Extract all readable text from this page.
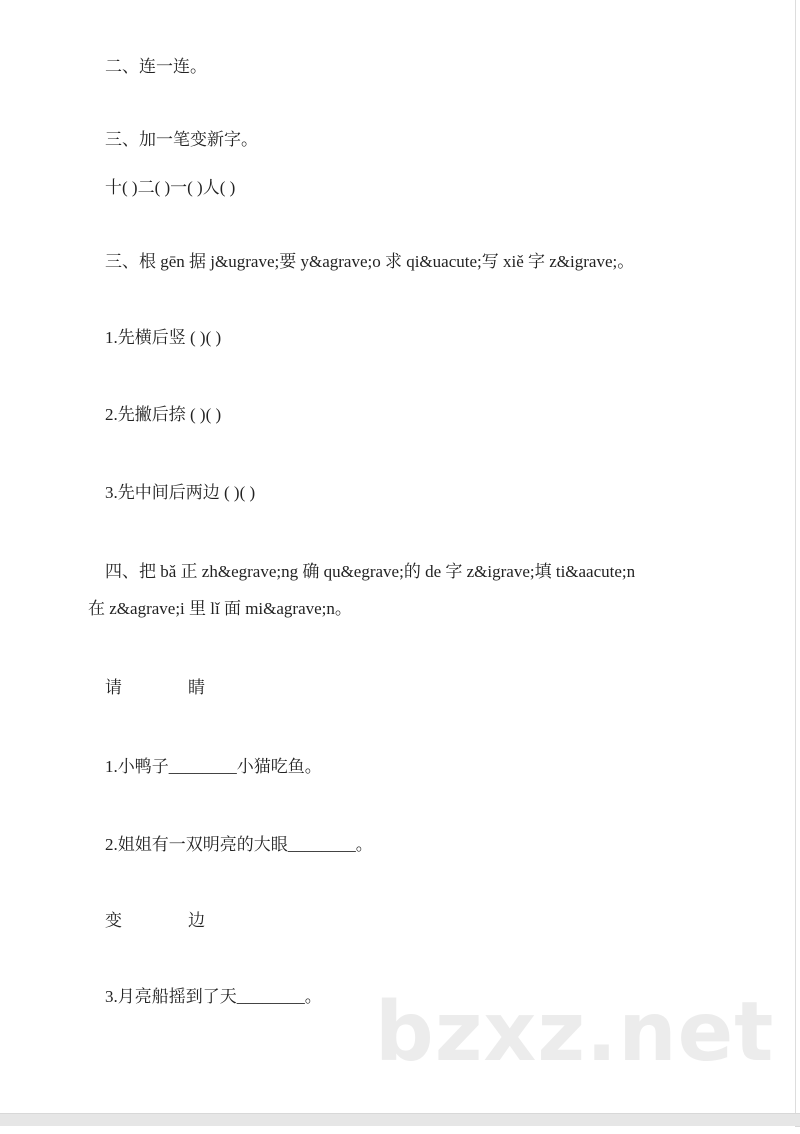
二、连一连。
三、加一笔变新字。
十( )二( )一( )人( )
三、根 gēn 据 j&ugrave;要 y&agrave;o 求 qi&uacute;写 xiě 字 z&igrave;。
1.先横后竖 ( )( )
2.先撇后捺 ( )( )
3.先中间后两边 ( )( )
四、把 bǎ 正 zh&egrave;ng 确 qu&egrave;的 de 字 z&igrave;填 ti&aacute;n
在 z&agrave;i 里 lǐ 面 mi&agrave;n。
请	睛
1.小鸭子________小猫吃鱼。
2.姐姐有一双明亮的大眼________。
变	边
3.月亮船摇到了天________。 bzxz.net
